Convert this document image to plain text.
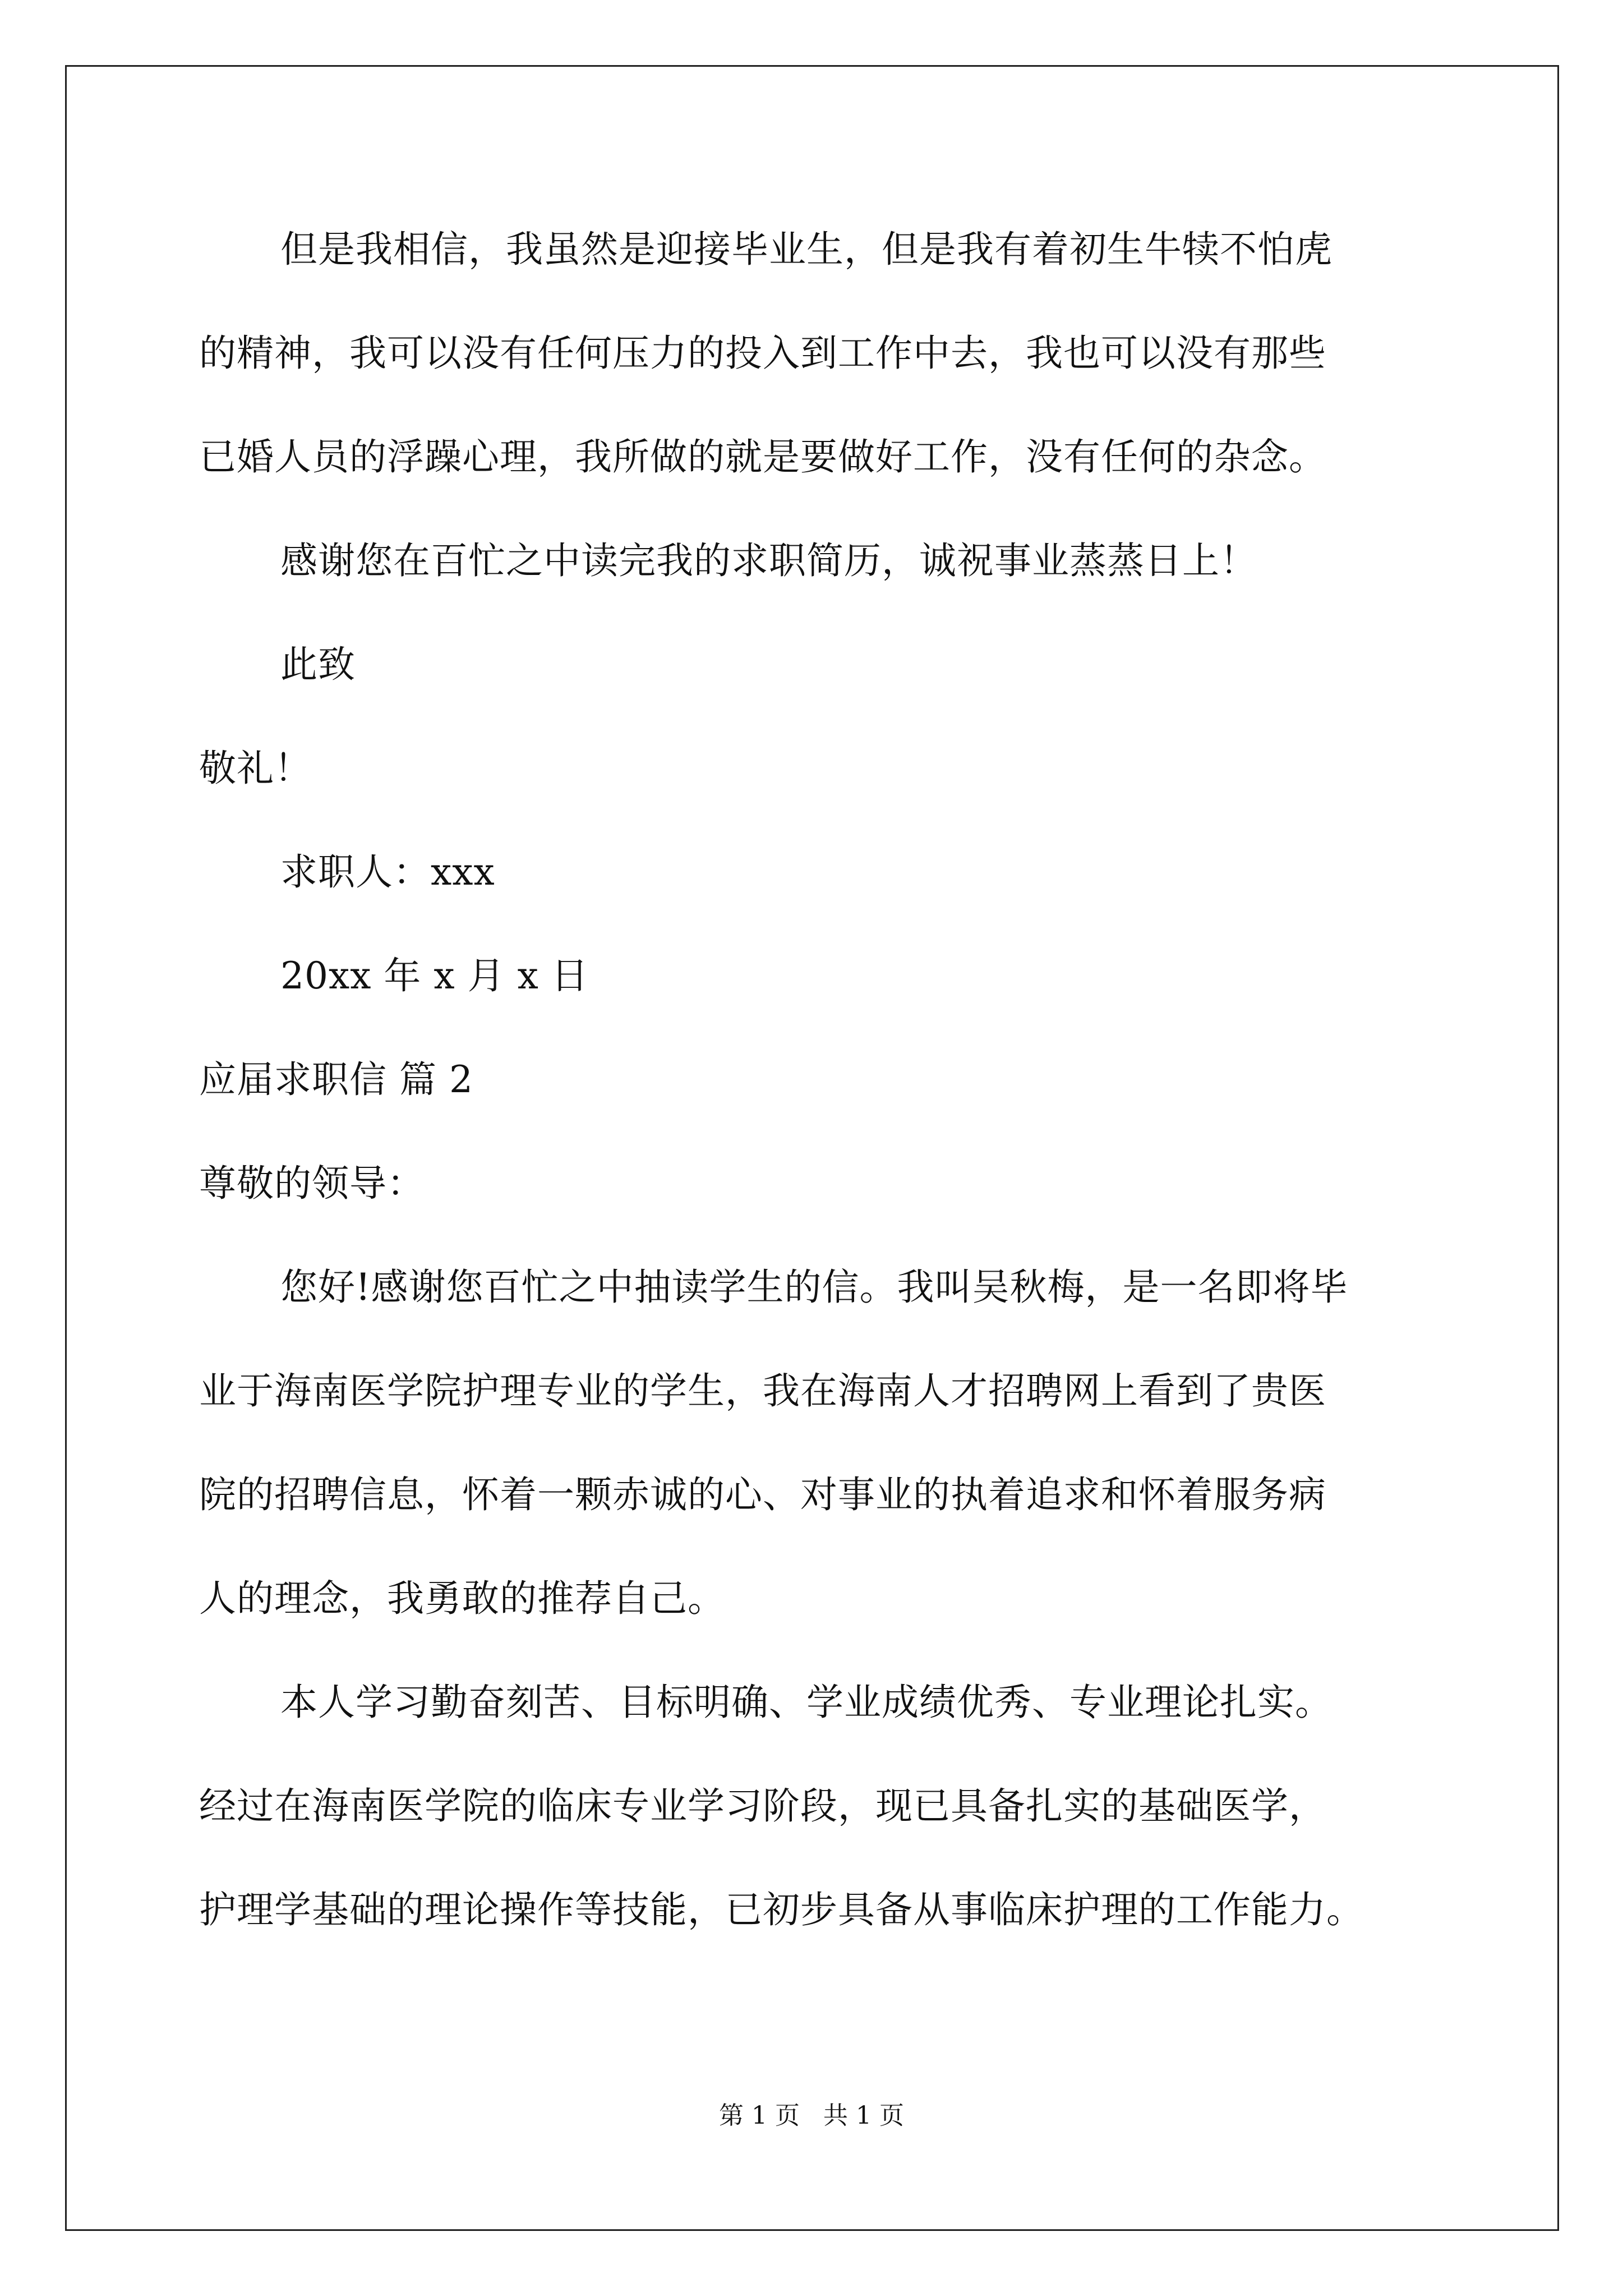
但是我相信，我虽然是迎接毕业生，但是我有着初生牛犊不怕虎
的精神，我可以没有任何压力的投入到工作中去，我也可以没有那些
已婚人员的浮躁心理，我所做的就是要做好工作，没有任何的杂念。
感谢您在百忙之中读完我的求职简历，诚祝事业蒸蒸日上！
此致
敬礼！
求职人：xxx
20xx 年 x 月 x 日
应届求职信 篇 2
尊敬的领导：
您好!感谢您百忙之中抽读学生的信。我叫吴秋梅，是一名即将毕
业于海南医学院护理专业的学生，我在海南人才招聘网上看到了贵医
院的招聘信息，怀着一颗赤诚的心、对事业的执着追求和怀着服务病
人的理念，我勇敢的推荐自己。
本人学习勤奋刻苦、目标明确、学业成绩优秀、专业理论扎实。
经过在海南医学院的临床专业学习阶段，现已具备扎实的基础医学，
护理学基础的理论操作等技能，已初步具备从事临床护理的工作能力。
第 1 页   共 1 页
